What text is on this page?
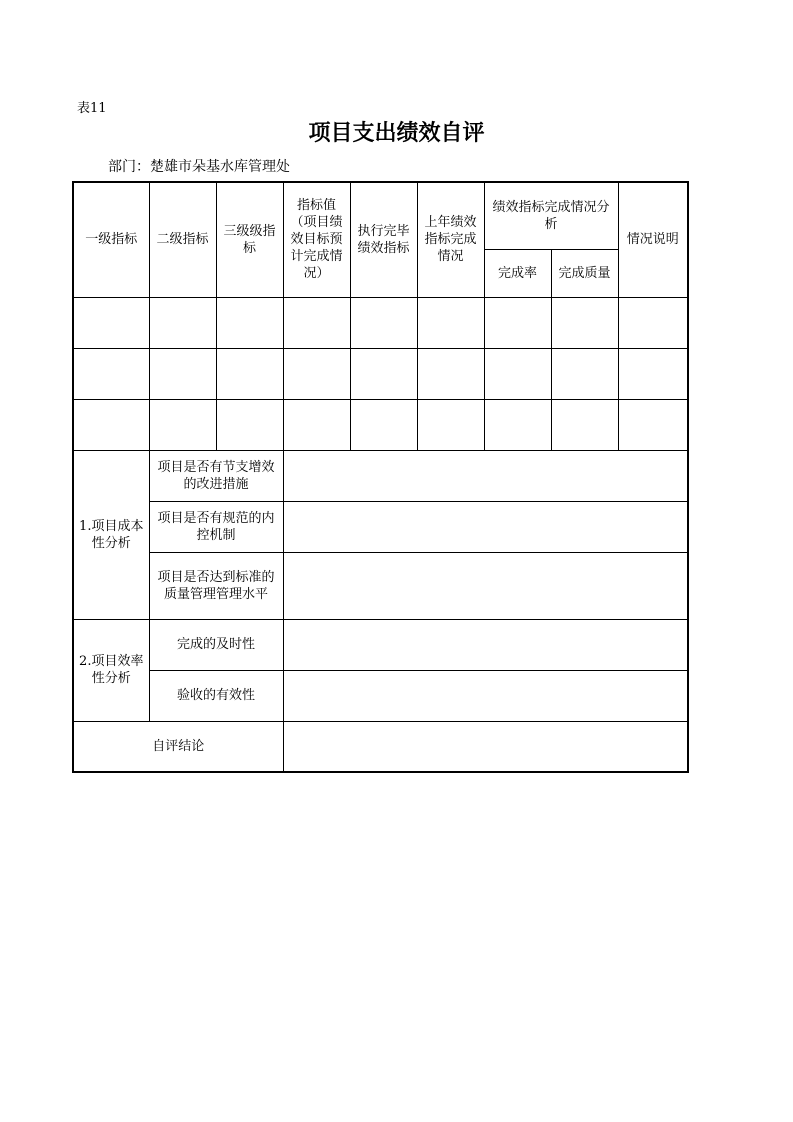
表11
项目支出绩效自评
部门：楚雄市朵基水库管理处
一级指标	二级指标	三级级指标	指标值（项目绩效目标预计完成情况）	执行完毕绩效指标	上年绩效指标完成情况	绩效指标完成情况分析		情况说明
						完成率	完成质量	

1.项目成本性分析	项目是否有节支增效的改进措施							
	项目是否有规范的内控机制							
	项目是否达到标准的质量管理管理水平							
2.项目效率性分析	完成的及时性							
	验收的有效性							
自评结论								
